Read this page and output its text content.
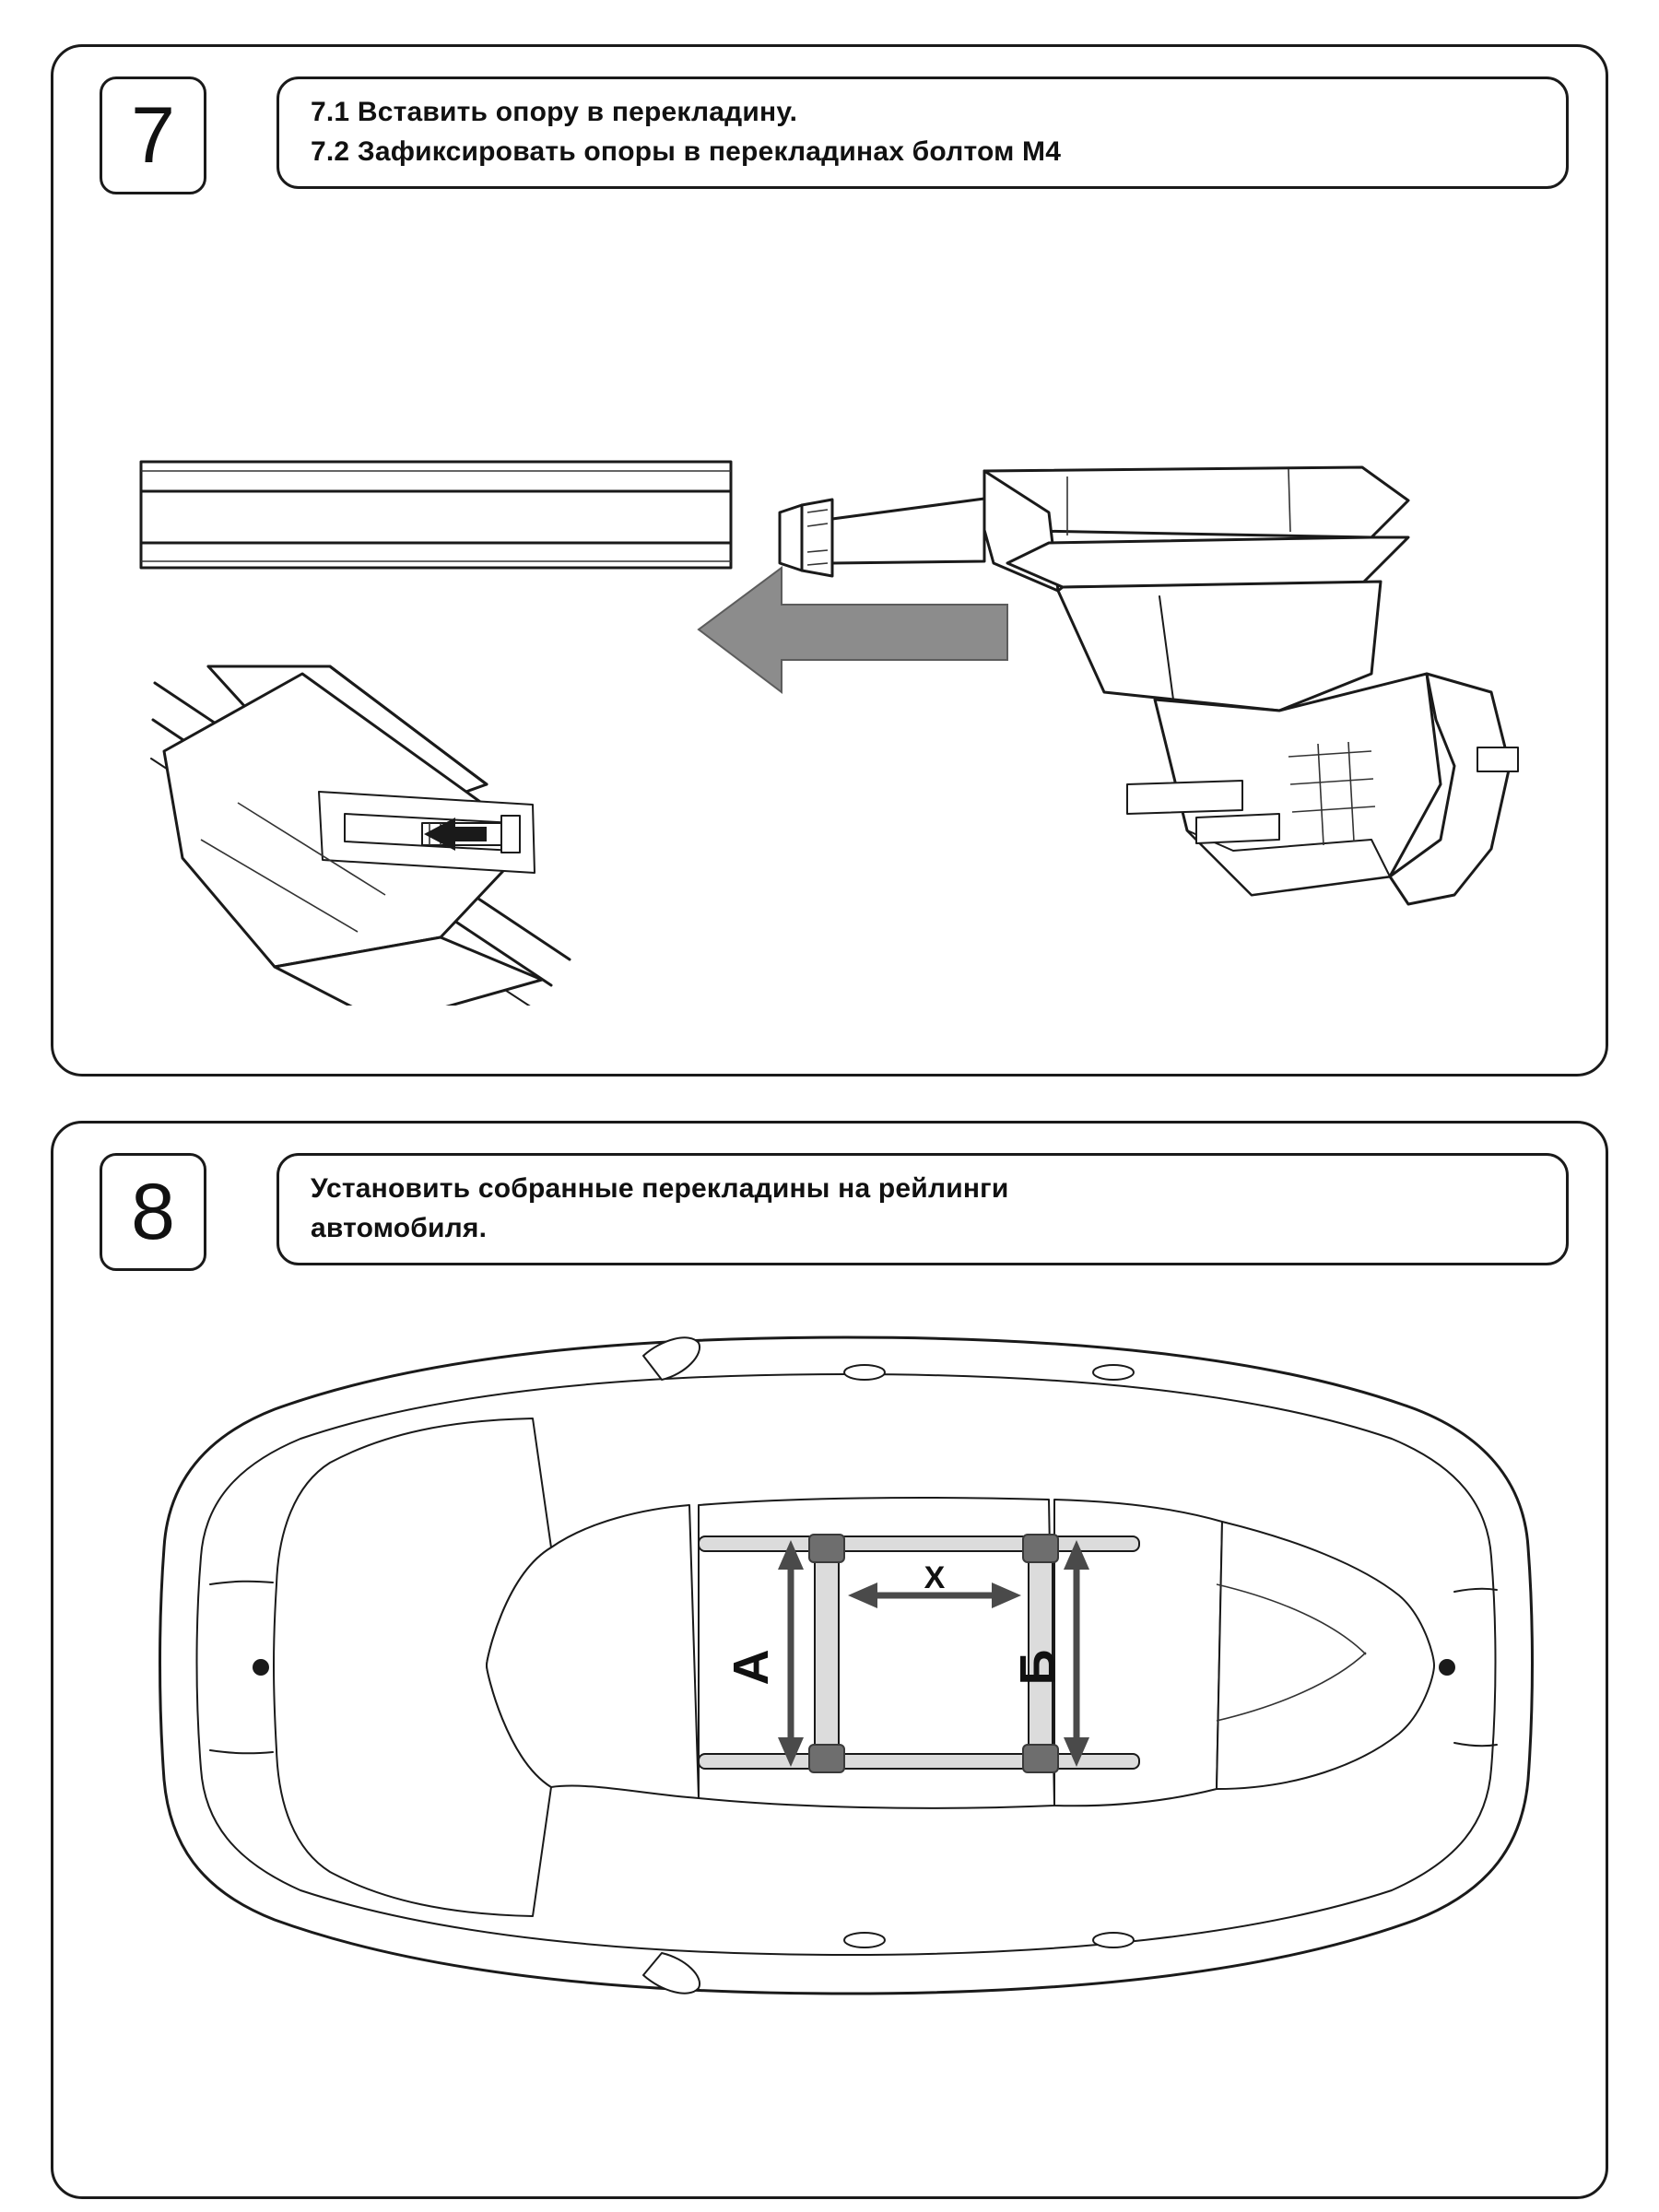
7	7.1 Вставить опору в перекладину.
7.2 Зафиксировать опоры в перекладинах болтом M4
8	Установить собранные перекладины на рейлинги
автомобиля.
А	Б
X
